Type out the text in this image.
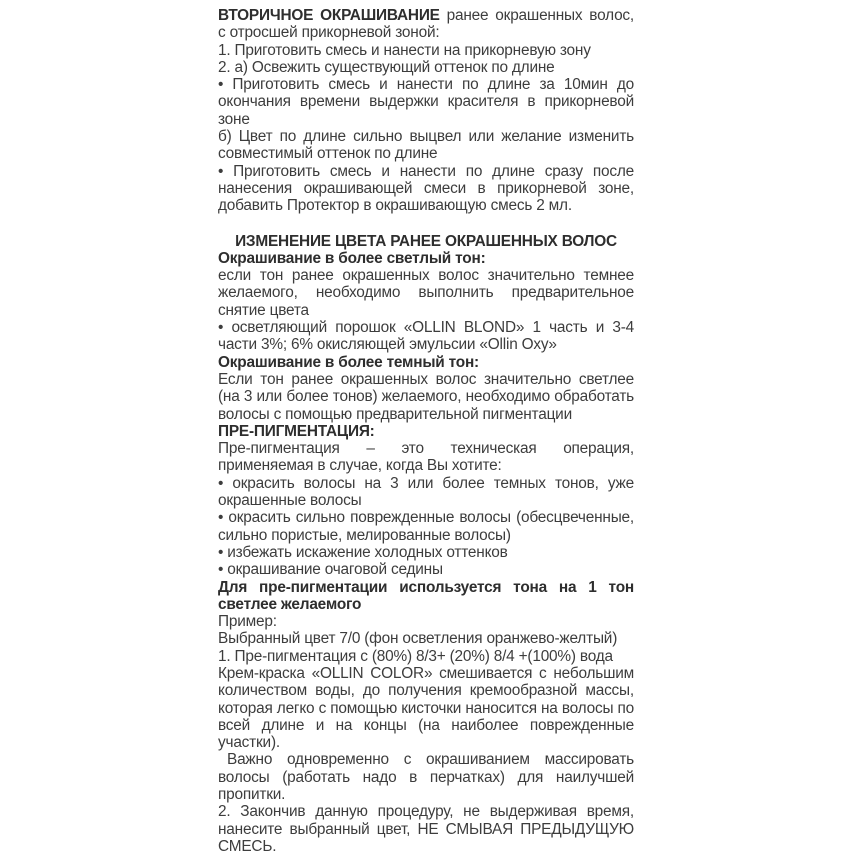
ВТОРИЧНОЕ ОКРАШИВАНИЕ ранее окрашенных волос, с отросшей прикорневой зоной:

1. Приготовить смесь и нанести на прикорневую зону

2. а) Освежить существующий оттенок по длине

• Приготовить смесь и нанести по длине за 10мин до окончания времени выдержки красителя в прикорневой зоне

б) Цвет по длине сильно выцвел или желание изменить совместимый оттенок по длине

• Приготовить смесь и нанести по длине сразу после нанесения окрашивающей смеси в прикорневой зоне, добавить Протектор в окрашивающую смесь 2 мл.

ИЗМЕНЕНИЕ ЦВЕТА РАНЕЕ ОКРАШЕННЫХ ВОЛОС

Окрашивание в более светлый тон:

если тон ранее окрашенных волос значительно темнее желаемого, необходимо выполнить предварительное снятие цвета

• осветляющий порошок «OLLIN BLOND» 1 часть и 3-4 части 3%; 6% окисляющей эмульсии «Ollin Oxy»

Окрашивание в более темный тон:

Если тон ранее окрашенных волос значительно светлее (на 3 или более тонов) желаемого, необходимо обработать волосы с помощью предварительной пигментации

ПРЕ-ПИГМЕНТАЦИЯ:

Пре-пигментация – это техническая операция, применяемая в случае, когда Вы хотите:

• окрасить волосы на 3 или более темных тонов, уже окрашенные волосы

• окрасить сильно поврежденные волосы (обесцвеченные, сильно пористые, мелированные волосы)

• избежать искажение холодных оттенков

• окрашивание очаговой седины

Для пре-пигментации используется тона на 1 тон светлее желаемого

Пример:

Выбранный цвет 7/0 (фон осветления оранжево-желтый)

1. Пре-пигментация с (80%) 8/3+ (20%) 8/4 +(100%) вода

Крем-краска «OLLIN COLOR» смешивается с небольшим количеством воды, до получения кремообразной массы, которая легко с помощью кисточки наносится на волосы по всей длине и на концы (на наиболее поврежденные участки).

Важно одновременно с окрашиванием массировать волосы (работать надо в перчатках) для наилучшей пропитки.

2. Закончив данную процедуру, не выдерживая время, нанесите выбранный цвет, НЕ СМЫВАЯ ПРЕДЫДУЩУЮ СМЕСЬ.
